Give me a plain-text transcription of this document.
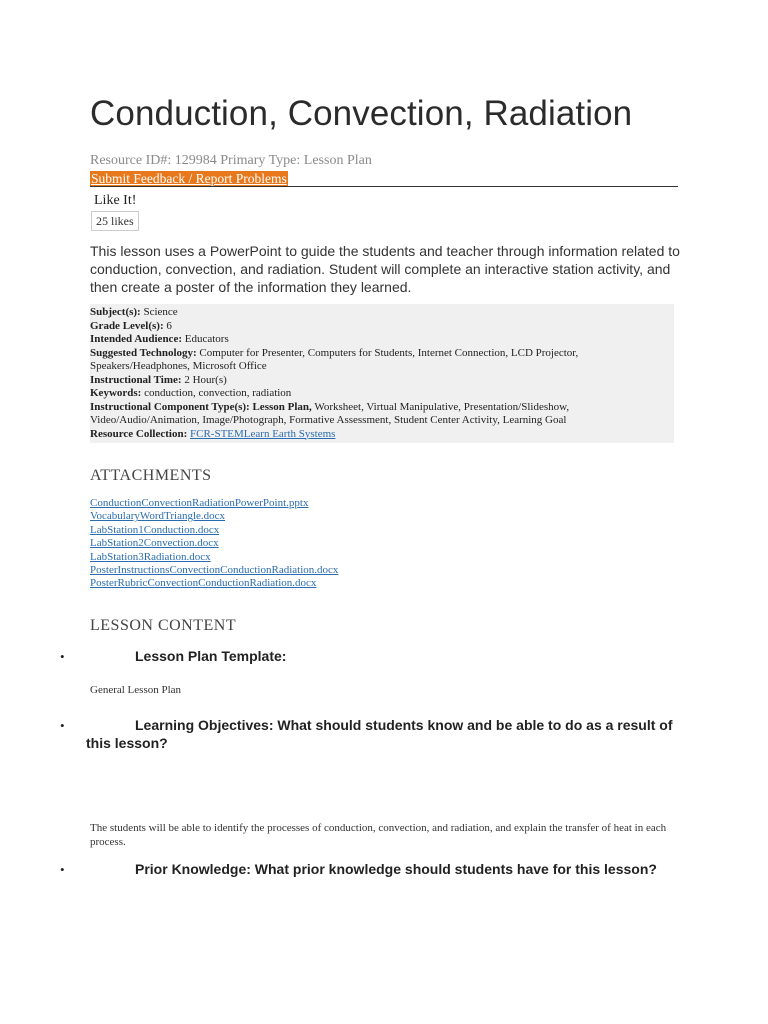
Conduction, Convection, Radiation
Resource ID#: 129984 Primary Type: Lesson Plan
Submit Feedback / Report Problems
Like It!
25 likes
This lesson uses a PowerPoint to guide the students and teacher through information related to conduction, convection, and radiation. Student will complete an interactive station activity, and then create a poster of the information they learned.
Subject(s): Science
Grade Level(s): 6
Intended Audience: Educators
Suggested Technology: Computer for Presenter, Computers for Students, Internet Connection, LCD Projector, Speakers/Headphones, Microsoft Office
Instructional Time: 2 Hour(s)
Keywords: conduction, convection, radiation
Instructional Component Type(s): Lesson Plan, Worksheet, Virtual Manipulative, Presentation/Slideshow, Video/Audio/Animation, Image/Photograph, Formative Assessment, Student Center Activity, Learning Goal
Resource Collection: FCR-STEMLearn Earth Systems
ATTACHMENTS
ConductionConvectionRadiationPowerPoint.pptx
VocabularyWordTriangle.docx
LabStation1Conduction.docx
LabStation2Convection.docx
LabStation3Radiation.docx
PosterInstructionsConvectionConductionRadiation.docx
PosterRubricConvectionConductionRadiation.docx
LESSON CONTENT
•	Lesson Plan Template:
General Lesson Plan
•	Learning Objectives: What should students know and be able to do as a result of this lesson?
The students will be able to identify the processes of conduction, convection, and radiation, and explain the transfer of heat in each process.
•	Prior Knowledge: What prior knowledge should students have for this lesson?
